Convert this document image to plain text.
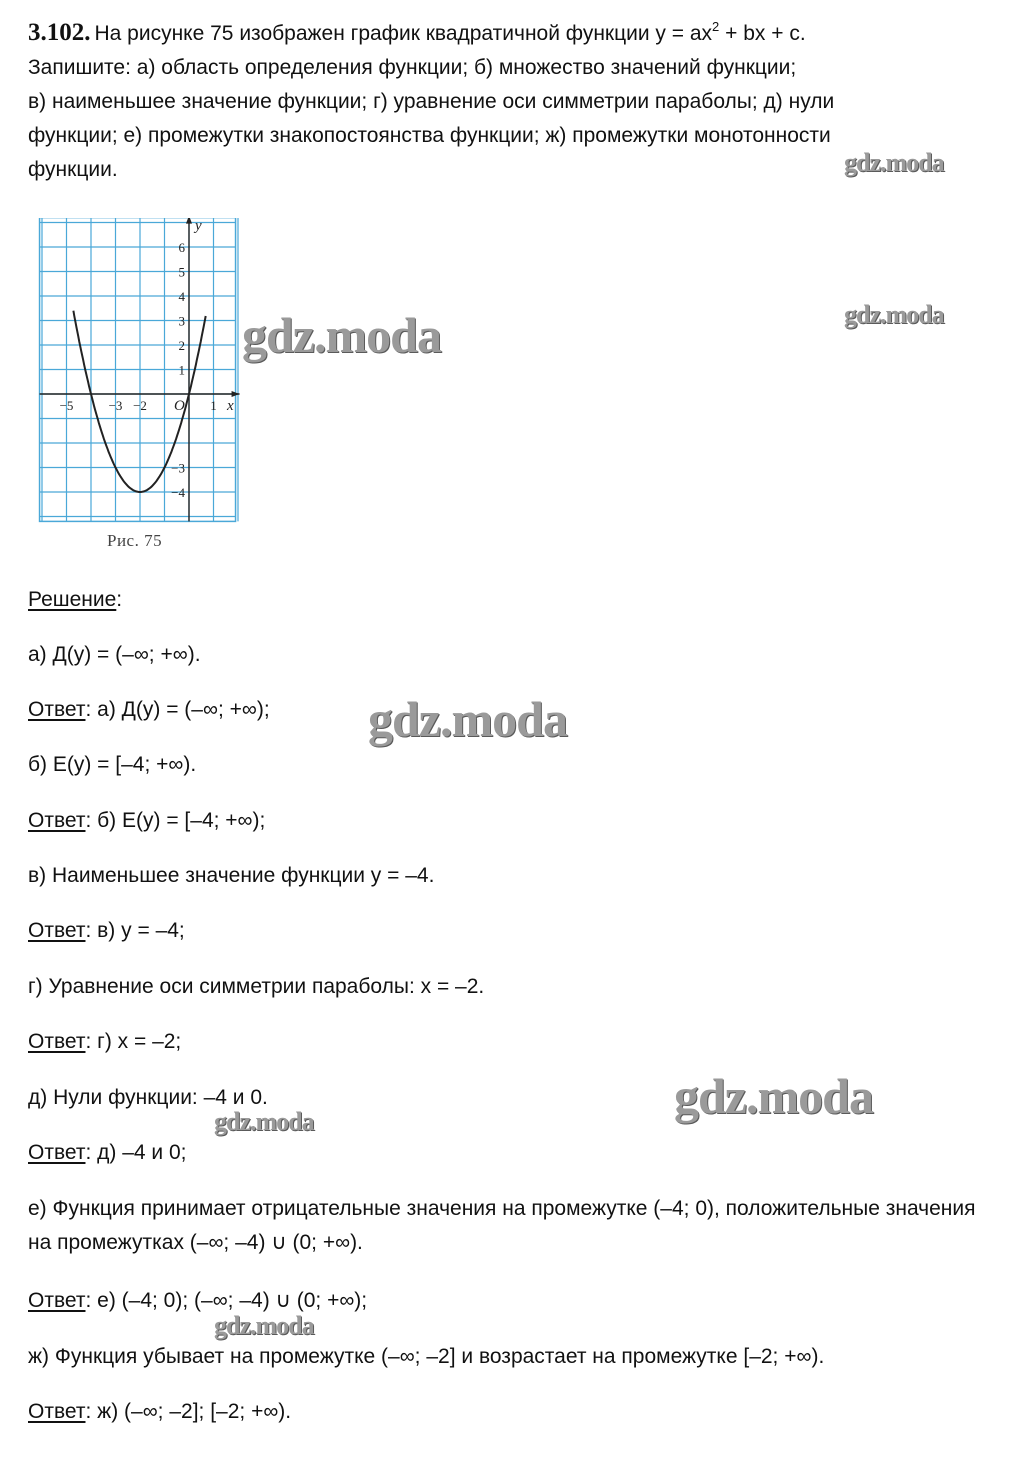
3.102. На рисунке 75 изображен график квадратичной функции $y = ax^2$ + bx + c.
Запишите: а) область определения функции; б) множество значений функции;
в) наименьшее значение функции; г) уравнение оси симметрии параболы; д) нули
функции; е) промежутки знакопостоянства функции; ж) промежутки монотонности
функции.
−5	−3 −2	1
6
5
4
3
2
1
−3
−4
x
y
O
Рис. 75
Решение:
а) Д(y) = (–∞; +∞).
Ответ: а) Д(y) = (–∞; +∞);
б) Е(y) = [–4; +∞).
Ответ: б) Е(y) = [–4; +∞);
в) Наименьшее значение функции y = –4.
Ответ: в) y = –4;
г) Уравнение оси симметрии параболы: x = –2.
Ответ: г) x = –2;
д) Нули функции: –4 и 0.
Ответ: д) –4 и 0;
е) Функция принимает отрицательные значения на промежутке (–4; 0), положительные значения на промежутках (–∞; –4) ∪ (0; +∞).
Ответ: е) (–4; 0); (–∞; –4) ∪ (0; +∞);
ж) Функция убывает на промежутке (–∞; –2] и возрастает на промежутке [–2; +∞).
Ответ: ж) (–∞; –2]; [–2; +∞).
gdz.moda
gdz.moda
gdz.moda
gdz.moda
gdz.moda
gdz.moda
gdz.moda
